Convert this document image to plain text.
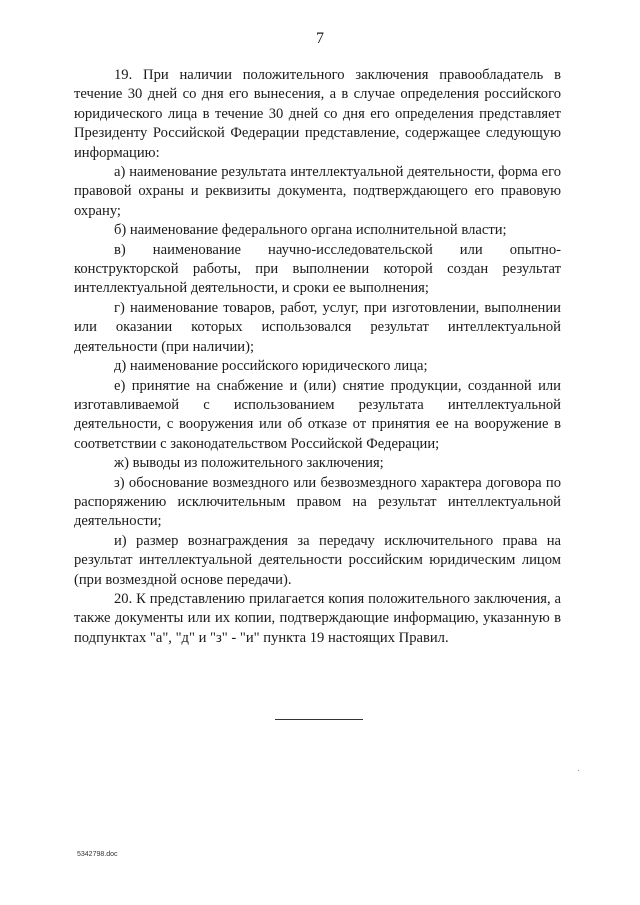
7

19. При наличии положительного заключения правообладатель в течение 30 дней со дня его вынесения, а в случае определения российского юридического лица в течение 30 дней со дня его определения представляет Президенту Российской Федерации представление, содержащее следующую информацию:

а) наименование результата интеллектуальной деятельности, форма его правовой охраны и реквизиты документа, подтверждающего его правовую охрану;

б) наименование федерального органа исполнительной власти;

в) наименование научно-исследовательской или опытно-конструкторской работы, при выполнении которой создан результат интеллектуальной деятельности, и сроки ее выполнения;

г) наименование товаров, работ, услуг, при изготовлении, выполнении или оказании которых использовался результат интеллектуальной деятельности (при наличии);

д) наименование российского юридического лица;

е) принятие на снабжение и (или) снятие продукции, созданной или изготавливаемой с использованием результата интеллектуальной деятельности, с вооружения или об отказе от принятия ее на вооружение в соответствии с законодательством Российской Федерации;

ж) выводы из положительного заключения;

з) обоснование возмездного или безвозмездного характера договора по распоряжению исключительным правом на результат интеллектуальной деятельности;

и) размер вознаграждения за передачу исключительного права на результат интеллектуальной деятельности российским юридическим лицом (при возмездной основе передачи).

20. К представлению прилагается копия положительного заключения, а также документы или их копии, подтверждающие информацию, указанную в подпунктах "а", "д" и "з" - "и" пункта 19 настоящих Правил.

5342798.doc
